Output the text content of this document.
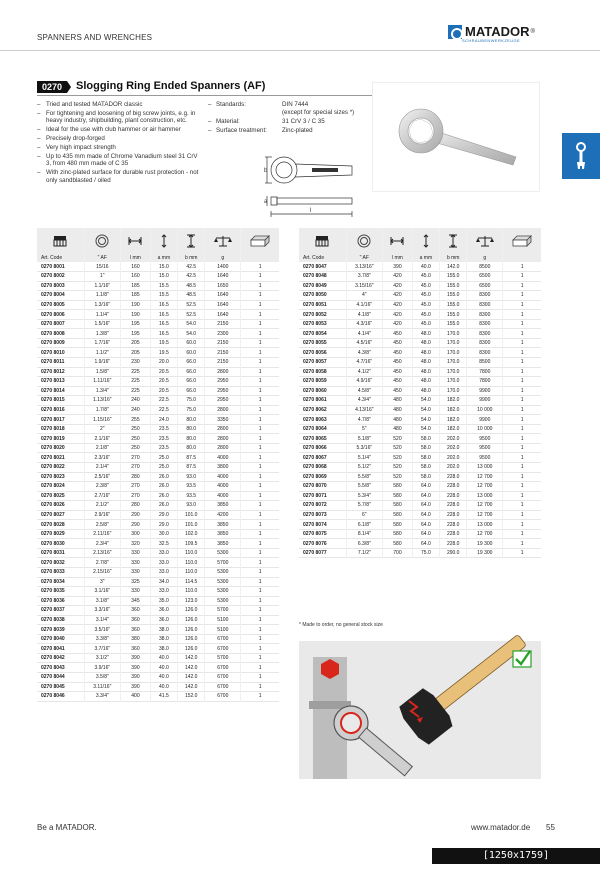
SPANNERS AND WRENCHES	MATADOR ®
SCHRAUBENWERKZEUGE
0270	Slogging Ring Ended Spanners (AF)
– Tried and tested MATADOR classic
– For tightening and loosening of big screw joints, e.g. in heavy industry, shipbuilding, plant construction, etc.
– Ideal for the use with club hammer or air hammer
– Precisely drop-forged
– Very high impact strength
– Up to 435 mm made of Chrome Vanadium steel 31 CrV 3, from 480 mm made of C 35
– With zinc-plated surface for durable rust protection - not only sandblasted / oiled
– Standards:	DIN 7444
(except for special sizes *)
– Material:	31 CrV 3 / C 35
– Surface treatment:	Zinc-plated
b
a
l

Art. Code	" AF	l mm	a mm	b mm	g	
0270 8001	15/16	160	15.0	42.5	1400	1
0270 8002	1"	160	15.0	42.5	1640	1
0270 8003	1.1/16"	185	15.5	48.5	1650	1
0270 8004	1.1/8"	185	15.5	48.5	1640	1
0270 8005	1.3/16"	190	16.5	52.5	1640	1
0270 8006	1.1/4"	190	16.5	52.5	1640	1
0270 8007	1.5/16"	195	16.5	54.0	2150	1
0270 8008	1.3/8"	195	16.5	54.0	2300	1
0270 8009	1.7/16"	205	19.5	60.0	2150	1
0270 8010	1.1/2"	205	19.5	60.0	2150	1
0270 8011	1.9/16"	230	20.0	66.0	2150	1
0270 8012	1.5/8"	225	20.5	66.0	2800	1
0270 8013	1.11/16"	225	20.5	66.0	2950	1
0270 8014	1.3/4"	225	20.5	66.0	2950	1
0270 8015	1.13/16"	240	22.5	75.0	2950	1
0270 8016	1.7/8"	240	22.5	75.0	2800	1
0270 8017	1.15/16"	255	24.0	80.0	3350	1
0270 8018	2"	250	23.5	80.0	2800	1
0270 8019	2.1/16"	250	23.5	80.0	2800	1
0270 8020	2.1/8"	250	23.5	80.0	2800	1
0270 8021	2.3/16"	270	25.0	87.5	4000	1
0270 8022	2.1/4"	270	25.0	87.5	3800	1
0270 8023	2.5/16"	280	26.0	93.0	4000	1
0270 8024	2.3/8"	270	26.0	93.5	4000	1
0270 8025	2.7/16"	270	26.0	93.5	4000	1
0270 8026	2.1/2"	280	26.0	93.0	3850	1
0270 8027	2.9/16"	290	29.0	101.0	4200	1
0270 8028	2.5/8"	290	29.0	101.0	3850	1
0270 8029	2.11/16"	300	30.0	102.0	3850	1
0270 8030	2.3/4"	320	32.5	109.5	3850	1
0270 8031	2.13/16"	330	33.0	110.0	5300	1
0270 8032	2.7/8"	330	33.0	110.0	5700	1
0270 8033	2.15/16"	330	33.0	110.0	5300	1
0270 8034	3"	325	34.0	114.5	5300	1
0270 8035	3.1/16"	330	33.0	110.0	5300	1
0270 8036	3.1/8"	345	35.0	123.0	5300	1
0270 8037	3.3/16"	360	36.0	126.0	5700	1
0270 8038	3.1/4"	360	36.0	126.0	5100	1
0270 8039	3.5/16"	360	38.0	126.0	5100	1
0270 8040	3.3/8"	380	38.0	126.0	6700	1
0270 8041	3.7/16"	360	38.0	126.0	6700	1
0270 8042	3.1/2"	390	40.0	142.0	5700	1
0270 8043	3.9/16"	390	40.0	142.0	6700	1
0270 8044	3.5/8"	390	40.0	142.0	6700	1
0270 8045	3.11/16"	390	40.0	142.0	6700	1
0270 8046	3.3/4"	400	41.5	152.0	6700	1

Art. Code	" AF	l mm	a mm	b mm	g	
0270 8047	3.13/16"	390	40.0	142.0	8500	1
0270 8048	3.7/8"	420	45.0	155.0	6500	1
0270 8049	3.15/16"	420	45.0	155.0	6500	1
0270 8050	4"	420	45.0	155.0	8300	1
0270 8051	4.1/16"	420	45.0	155.0	8300	1
0270 8052	4.1/8"	420	45.0	155.0	8300	1
0270 8053	4.3/16"	420	45.0	155.0	8300	1
0270 8054	4.1/4"	450	48.0	170.0	8300	1
0270 8055	4.5/16"	450	48.0	170.0	8300	1
0270 8056	4.3/8"	450	48.0	170.0	8300	1
0270 8057	4.7/16"	450	48.0	170.0	8500	1
0270 8058	4.1/2"	450	48.0	170.0	7800	1
0270 8059	4.9/16"	450	48.0	170.0	7800	1
0270 8060	4.5/8"	450	48.0	170.0	9900	1
0270 8061	4.3/4"	480	54.0	182.0	9900	1
0270 8062	4.13/16"	480	54.0	182.0	10 000	1
0270 8063	4.7/8"	480	54.0	182.0	9900	1
0270 8064	5"	480	54.0	182.0	10 000	1
0270 8065	5.1/8"	520	58.0	202.0	9500	1
0270 8066	5.3/16"	520	58.0	202.0	9500	1
0270 8067	5.1/4"	520	58.0	202.0	9500	1
0270 8068	5.1/2"	520	58.0	202.0	13 000	1
0270 8069	5.5/8"	520	58.0	228.0	12 700	1
0270 8070	5.5/8"	580	64.0	228.0	12 700	1
0270 8071	5.3/4"	580	64.0	228.0	13 000	1
0270 8072	5.7/8"	580	64.0	228.0	12 700	1
0270 8073	6"	580	64.0	228.0	12 700	1
0270 8074	6.1/8"	580	64.0	228.0	13 000	1
0270 8075	8.1/4"	580	64.0	228.0	12 700	1
0270 8076	6.3/8"	580	64.0	228.0	19 300	1
0270 8077	7.1/2"	700	75.0	290.0	19 300	1
* Made to order, no general stock size
Be a MATADOR.	www.matador.de 55
[1250x1759] https://upic.me/
